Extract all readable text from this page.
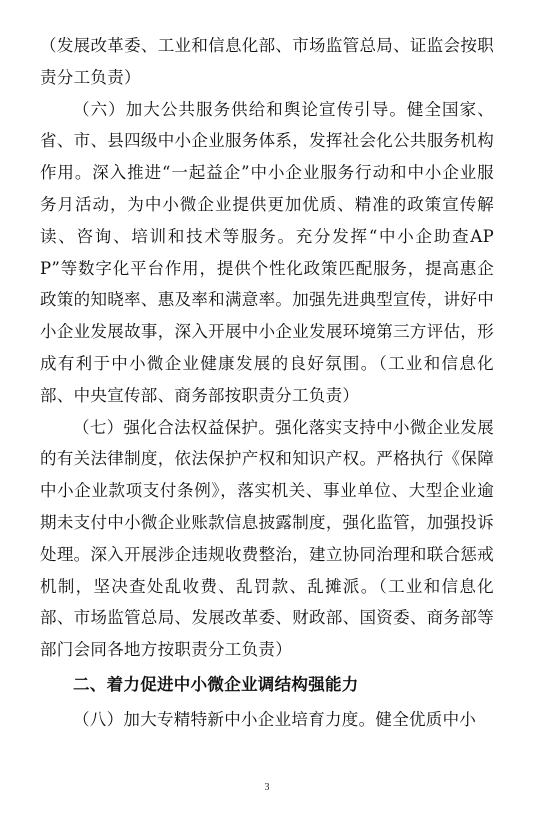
（发展改革委、工业和信息化部、市场监管总局、证监会按职责分工负责）

（六）加大公共服务供给和舆论宣传引导。健全国家、省、市、县四级中小企业服务体系，发挥社会化公共服务机构作用。深入推进“一起益企”中小企业服务行动和中小企业服务月活动，为中小微企业提供更加优质、精准的政策宣传解读、咨询、培训和技术等服务。充分发挥“中小企助查APP”等数字化平台作用，提供个性化政策匹配服务，提高惠企政策的知晓率、惠及率和满意率。加强先进典型宣传，讲好中小企业发展故事，深入开展中小企业发展环境第三方评估，形成有利于中小微企业健康发展的良好氛围。（工业和信息化部、中央宣传部、商务部按职责分工负责）

（七）强化合法权益保护。强化落实支持中小微企业发展的有关法律制度，依法保护产权和知识产权。严格执行《保障中小企业款项支付条例》，落实机关、事业单位、大型企业逾期未支付中小微企业账款信息披露制度，强化监管，加强投诉处理。深入开展涉企违规收费整治，建立协同治理和联合惩戒机制，坚决查处乱收费、乱罚款、乱摊派。（工业和信息化部、市场监管总局、发展改革委、财政部、国资委、商务部等部门会同各地方按职责分工负责）

二、着力促进中小微企业调结构强能力

（八）加大专精特新中小企业培育力度。健全优质中小

3
